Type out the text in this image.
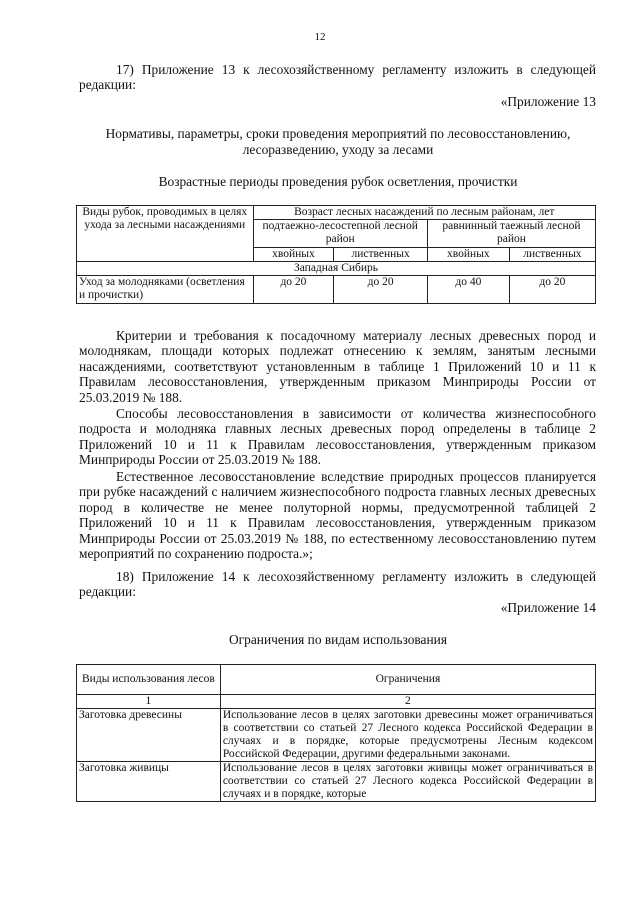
12
17) Приложение 13 к лесохозяйственному регламенту изложить в следующей редакции:
«Приложение 13
Нормативы, параметры, сроки проведения мероприятий по лесовосстановлению,
лесоразведению, уходу за лесами
Возрастные периоды проведения рубок осветления, прочистки
Виды рубок, проводимых в целях ухода за лесными насаждениями	Возраст лесных насаждений по лесным районам, лет			
	подтаежно-лесостепной лесной район		равнинный таежный лесной район	
	хвойных	лиственных	хвойных	лиственных
Западная Сибирь				
Уход за молодняками (осветления и прочистки)	до 20	до 20	до 40	до 20
Критерии и требования к посадочному материалу лесных древесных пород и молоднякам, площади которых подлежат отнесению к землям, занятым лесными насаждениями, соответствуют установленным в таблице 1 Приложений 10 и 11 к Правилам лесовосстановления, утвержденным приказом Минприроды России от 25.03.2019 № 188.
Способы лесовосстановления в зависимости от количества жизнеспособного подроста и молодняка главных лесных древесных пород определены в таблице 2 Приложений 10 и 11 к Правилам лесовосстановления, утвержденным приказом Минприроды России от 25.03.2019 № 188.
Естественное лесовосстановление вследствие природных процессов планируется при рубке насаждений с наличием жизнеспособного подроста главных лесных древесных пород в количестве не менее полуторной нормы, предусмотренной таблицей 2 Приложений 10 и 11 к Правилам лесовосстановления, утвержденным приказом Минприроды России от 25.03.2019 № 188, по естественному лесовосстановлению путем мероприятий по сохранению подроста.»;
18) Приложение 14 к лесохозяйственному регламенту изложить в следующей редакции:
«Приложение 14
Ограничения по видам использования
Виды использования лесов	Ограничения
1	2
Заготовка древесины	Использование лесов в целях заготовки древесины может ограничиваться в соответствии со статьей 27 Лесного кодекса Российской Федерации в случаях и в порядке, которые предусмотрены Лесным кодексом Российской Федерации, другими федеральными законами.
Заготовка живицы	Использование лесов в целях заготовки живицы может ограничиваться в соответствии со статьей 27 Лесного кодекса Российской Федерации в случаях и в порядке, которые
